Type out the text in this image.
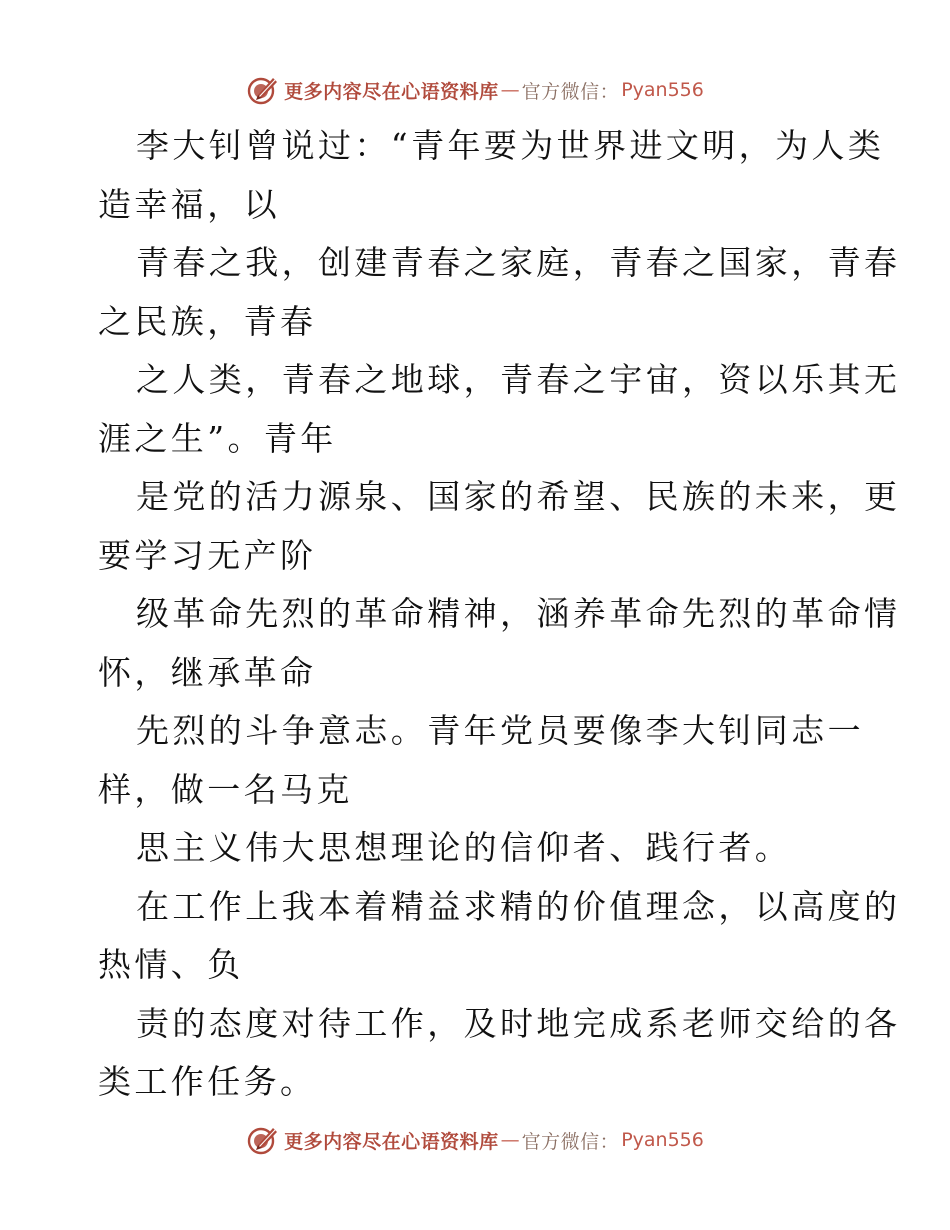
更多内容尽在心语资料库 — 官方微信： Pyan556
李大钊曾说过：“青年要为世界进文明，为人类
造幸福，以
青春之我，创建青春之家庭，青春之国家，青春
之民族，青春
之人类，青春之地球，青春之宇宙，资以乐其无
涯之生”。青年
是党的活力源泉、国家的希望、民族的未来，更
要学习无产阶
级革命先烈的革命精神，涵养革命先烈的革命情
怀，继承革命
先烈的斗争意志。青年党员要像李大钊同志一
样，做一名马克
思主义伟大思想理论的信仰者、践行者。
在工作上我本着精益求精的价值理念，以高度的
热情、负
责的态度对待工作，及时地完成系老师交给的各
类工作任务。
更多内容尽在心语资料库 — 官方微信： Pyan556
